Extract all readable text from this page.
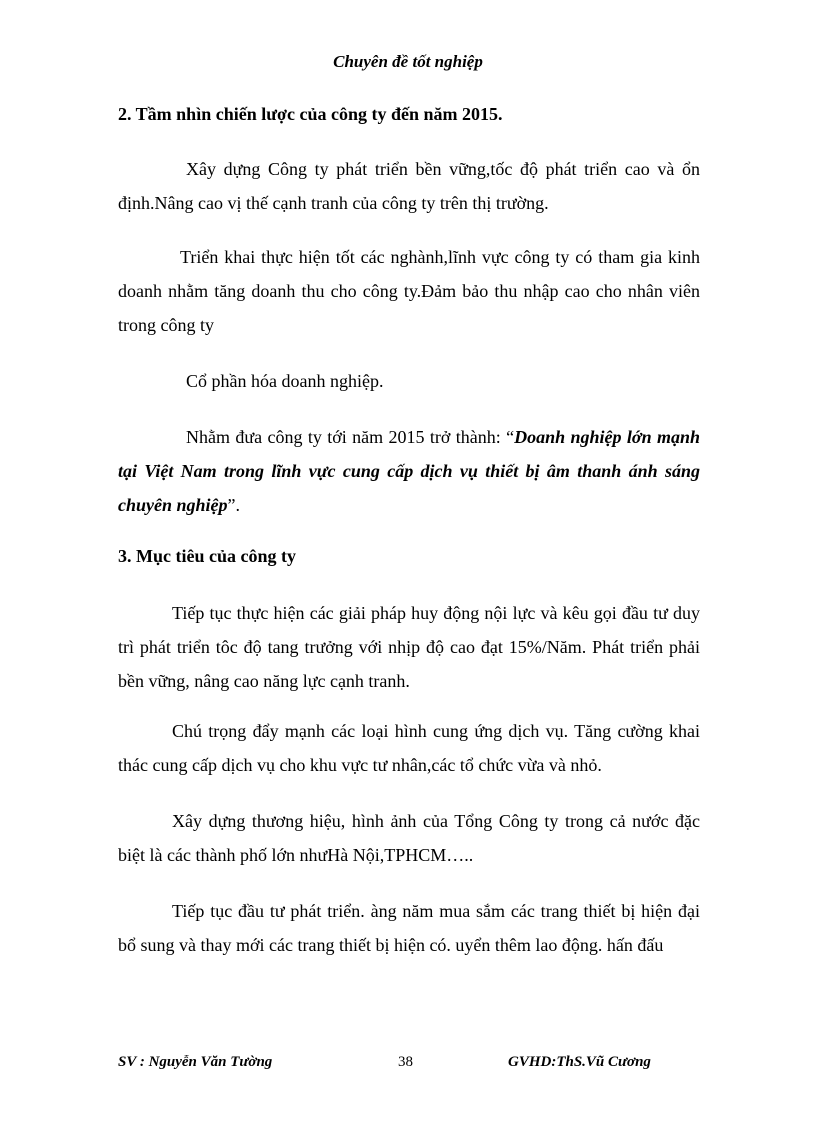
Chuyên đề tốt nghiệp
2. Tầm nhìn chiến lược của công ty đến năm 2015.
Xây dựng Công ty phát triển bền vững,tốc độ phát triển cao và ổn định.Nâng cao vị thế cạnh tranh của công ty trên thị trường.
Triển khai thực hiện tốt các nghành,lĩnh vực công ty có tham gia kinh doanh nhằm tăng doanh thu cho công ty.Đảm bảo thu nhập cao cho nhân viên trong công ty
Cổ phần hóa doanh nghiệp.
Nhằm đưa công ty tới năm 2015 trở thành: “Doanh nghiệp lớn mạnh tại Việt Nam trong lĩnh vực cung cấp dịch vụ thiết bị âm thanh ánh sáng chuyên nghiệp”.
3. Mục tiêu của công ty
Tiếp tục thực hiện các giải pháp huy động nội lực và kêu gọi đầu tư duy trì phát triển tôc độ tang trưởng với nhịp độ cao đạt 15%/Năm. Phát triển phải bền vững, nâng cao năng lực cạnh tranh.
Chú trọng đẩy mạnh các loại hình cung ứng dịch vụ. Tăng cường khai thác cung cấp dịch vụ cho khu vực tư nhân,các tổ chức vừa và nhỏ.
Xây dựng thương hiệu, hình ảnh của Tổng Công ty trong cả nước đặc biệt là các thành phố lớn nhưHà Nội,TPHCM…..
Tiếp tục đầu tư phát triển. àng năm mua sắm các trang thiết bị hiện đại bổ sung và thay mới các trang thiết bị hiện có. uyển thêm lao động. hấn đấu
SV : Nguyễn Văn Tường	38	GVHD:ThS.Vũ Cương
